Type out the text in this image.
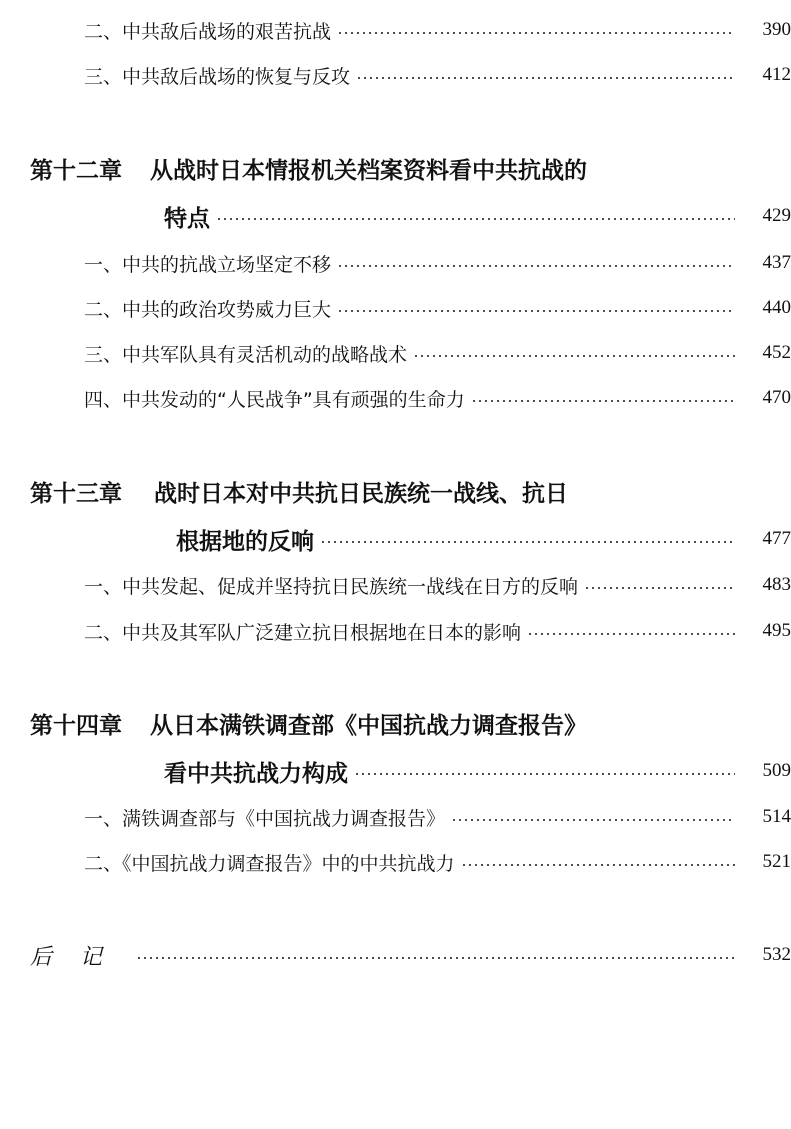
二、中共敌后战场的艰苦抗战	390
三、中共敌后战场的恢复与反攻	412
第十二章 从战时日本情报机关档案资料看中共抗战的
特点	429
一、中共的抗战立场坚定不移	437
二、中共的政治攻势威力巨大	440
三、中共军队具有灵活机动的战略战术	452
四、中共发动的“人民战争”具有顽强的生命力	470
第十三章 战时日本对中共抗日民族统一战线、抗日
根据地的反响	477
一、中共发起、促成并坚持抗日民族统一战线在日方的反响	483
二、中共及其军队广泛建立抗日根据地在日本的影响	495
第十四章 从日本满铁调查部《中国抗战力调查报告》
看中共抗战力构成	509
一、满铁调查部与《中国抗战力调查报告》	514
二、《中国抗战力调查报告》中的中共抗战力	521
后记	532
